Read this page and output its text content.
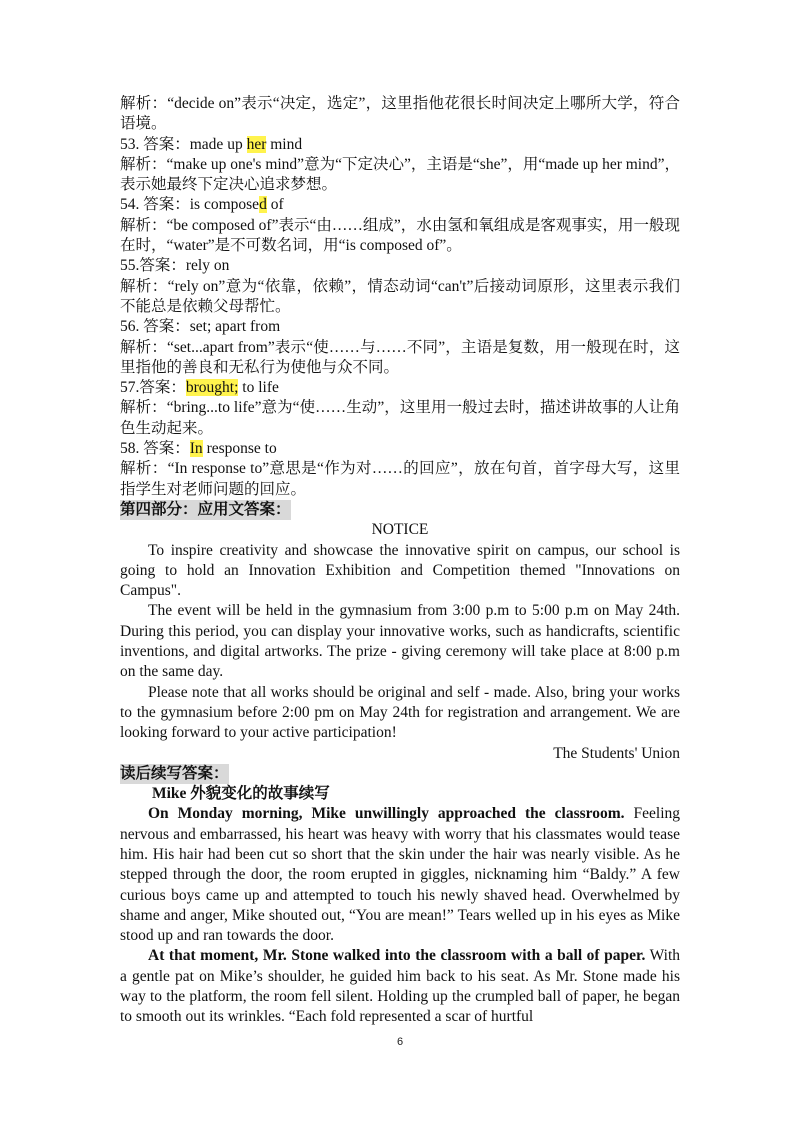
解析：“decide on”表示“决定，选定”，这里指他花很长时间决定上哪所大学，符合语境。
53. 答案：made up her mind
解析：“make up one's mind”意为“下定决心”，主语是“she”，用“made up her mind”，表示她最终下定决心追求梦想。
54. 答案：is composed of
解析：“be composed of”表示“由……组成”，水由氢和氧组成是客观事实，用一般现在时，“water”是不可数名词，用“is composed of”。
55.答案：rely on
解析：“rely on”意为“依靠，依赖”，情态动词“can't”后接动词原形，这里表示我们不能总是依赖父母帮忙。
56. 答案：set; apart from
解析：“set...apart from”表示“使……与……不同”，主语是复数，用一般现在时，这里指他的善良和无私行为使他与众不同。
57.答案：brought; to life
解析：“bring...to life”意为“使……生动”，这里用一般过去时，描述讲故事的人让角色生动起来。
58. 答案：In response to
解析：“In response to”意思是“作为对……的回应”，放在句首，首字母大写，这里指学生对老师问题的回应。
第四部分：应用文答案：
NOTICE
To inspire creativity and showcase the innovative spirit on campus, our school is going to hold an Innovation Exhibition and Competition themed "Innovations on Campus".
The event will be held in the gymnasium from 3:00 p.m to 5:00 p.m on May 24th. During this period, you can display your innovative works, such as handicrafts, scientific inventions, and digital artworks. The prize - giving ceremony will take place at 8:00 p.m on the same day.
Please note that all works should be original and self - made. Also, bring your works to the gymnasium before 2:00 pm on May 24th for registration and arrangement. We are looking forward to your active participation!
The Students' Union
读后续写答案：
Mike 外貌变化的故事续写
On Monday morning, Mike unwillingly approached the classroom. Feeling nervous and embarrassed, his heart was heavy with worry that his classmates would tease him. His hair had been cut so short that the skin under the hair was nearly visible. As he stepped through the door, the room erupted in giggles, nicknaming him “Baldy.” A few curious boys came up and attempted to touch his newly shaved head. Overwhelmed by shame and anger, Mike shouted out, “You are mean!” Tears welled up in his eyes as Mike stood up and ran towards the door.
At that moment, Mr. Stone walked into the classroom with a ball of paper. With a gentle pat on Mike’s shoulder, he guided him back to his seat. As Mr. Stone made his way to the platform, the room fell silent. Holding up the crumpled ball of paper, he began to smooth out its wrinkles. “Each fold represented a scar of hurtful
6
